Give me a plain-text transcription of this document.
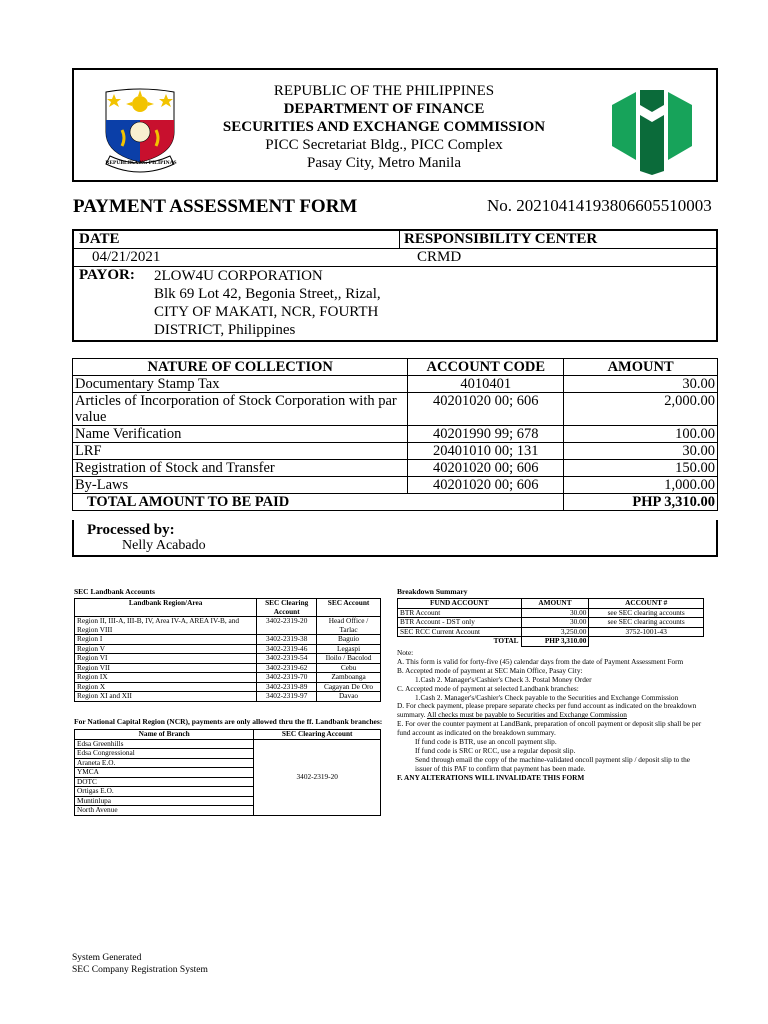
REPUBLIKA NG PILIPINAS
REPUBLIC OF THE PHILIPPINES
DEPARTMENT OF FINANCE
SECURITIES AND EXCHANGE COMMISSION
PICC Secretariat Bldg., PICC Complex
Pasay City, Metro Manila
PAYMENT ASSESSMENT FORM	No. 20210414193806605510003
DATE	RESPONSIBILITY CENTER
04/21/2021	CRMD
PAYOR: 2LOW4U CORPORATION
Blk 69 Lot 42, Begonia Street,, Rizal,
CITY OF MAKATI, NCR, FOURTH
DISTRICT, Philippines
NATURE OF COLLECTION	ACCOUNT CODE	AMOUNT
Documentary Stamp Tax	4010401	30.00
Articles of Incorporation of Stock Corporation with par value	40201020 00; 606	2,000.00
Name Verification	40201990 99; 678	100.00
LRF	20401010 00; 131	30.00
Registration of Stock and Transfer	40201020 00; 606	150.00
By-Laws	40201020 00; 606	1,000.00
TOTAL AMOUNT TO BE PAID		PHP 3,310.00
Processed by:
Nelly Acabado
SEC Landbank Accounts
Landbank Region/Area	SEC Clearing Account	SEC Account
Region II, III-A, III-B, IV, Area IV-A, AREA IV-B, and Region VIII	3402-2319-20	Head Office / Tarlac
Region I	3402-2319-38	Baguio
Region V	3402-2319-46	Legaspi
Region VI	3402-2319-54	Iloilo / Bacolod
Region VII	3402-2319-62	Cebu
Region IX	3402-2319-70	Zamboanga
Region X	3402-2319-89	Cagayan De Oro
Region XI and XII	3402-2319-97	Davao
For National Capital Region (NCR), payments are only allowed thru the ff. Landbank branches:
Name of Branch	SEC Clearing Account
Edsa Greenhills	3402-2319-20
Edsa Congressional	
Araneta E.O.	
YMCA	
DOTC	
Ortigas E.O.	
Muntinlupa	
North Avenue	
Breakdown Summary
FUND ACCOUNT	AMOUNT	ACCOUNT #
BTR Account	30.00	see SEC clearing accounts
BTR Account - DST only	30.00	see SEC clearing accounts
SEC RCC Current Account	3,250.00	3752-1001-43
TOTAL	PHP 3,310.00	
Note:
A. This form is valid for forty-five (45) calendar days from the date of Payment Assessment Form
B. Accepted mode of payment at SEC Main Office, Pasay City:
1.Cash 2. Manager's/Cashier's Check 3. Postal Money Order
C. Accepted mode of payment at selected Landbank branches:
1.Cash 2. Manager's/Cashier's Check payable to the Securities and Exchange Commission
D. For check payment, please prepare separate checks per fund account as indicated on the breakdown summary. All checks must be payable to Securities and Exchange Commission
E. For over the counter payment at LandBank, preparation of oncoll payment or deposit slip shall be per fund account as indicated on the breakdown summary.
If fund code is BTR, use an oncoll payment slip.
If fund code is SRC or RCC, use a regular deposit slip.
Send through email the copy of the machine-validated oncoll payment slip / deposit slip to the issuer of this PAF to confirm that payment has been made.
F. ANY ALTERATIONS WILL INVALIDATE THIS FORM
System Generated
SEC Company Registration System
